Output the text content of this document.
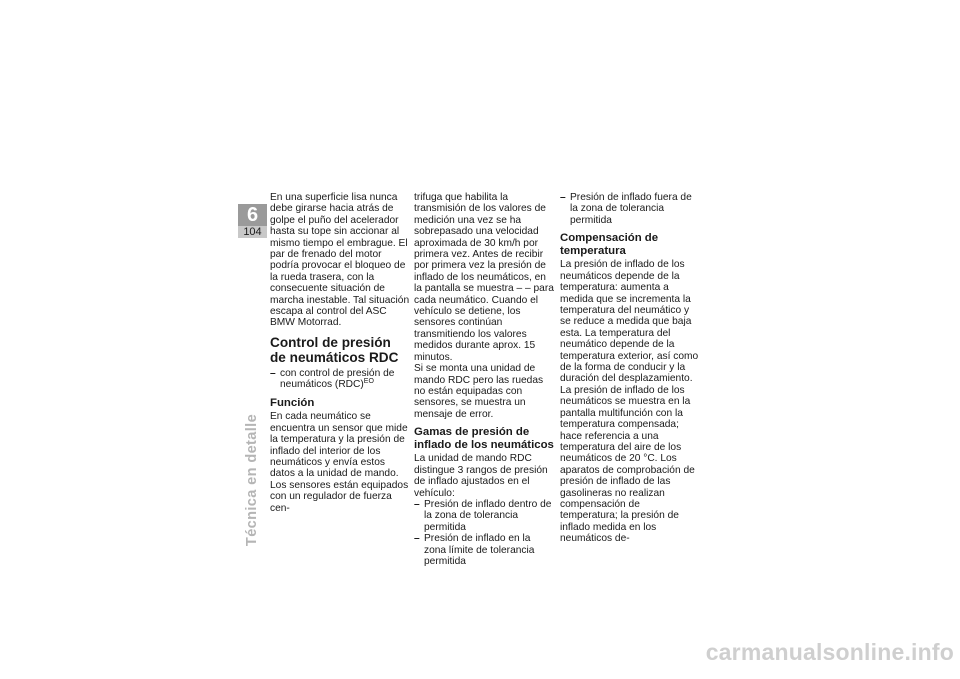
6
104
Técnica en detalle

En una superficie lisa nunca debe girarse hacia atrás de golpe el puño del acelerador hasta su tope sin accionar al mismo tiempo el embrague. El par de frenado del motor podría provocar el bloqueo de la rueda trasera, con la consecuente situación de marcha inestable. Tal situación escapa al control del ASC BMW Motorrad.

Control de presión de neumáticos RDC
– con control de presión de neumáticos (RDC)$^{EO}$
Función

En cada neumático se encuentra un sensor que mide la temperatura y la presión de inflado del interior de los neumáticos y envía estos datos a la unidad de mando.

Los sensores están equipados con un regulador de fuerza cen-

trifuga que habilita la transmisión de los valores de medición una vez se ha sobrepasado una velocidad aproximada de 30 km/h por primera vez. Antes de recibir por primera vez la presión de inflado de los neumáticos, en la pantalla se muestra – – para cada neumático. Cuando el vehículo se detiene, los sensores continúan transmitiendo los valores medidos durante aprox. 15 minutos.

Si se monta una unidad de mando RDC pero las ruedas no están equipadas con sensores, se muestra un mensaje de error.

Gamas de presión de inflado de los neumáticos

La unidad de mando RDC distingue 3 rangos de presión de inflado ajustados en el vehículo:

– Presión de inflado dentro de la zona de tolerancia permitida
– Presión de inflado en la zona límite de tolerancia permitida
– Presión de inflado fuera de la zona de tolerancia permitida
Compensación de temperatura

La presión de inflado de los neumáticos depende de la temperatura: aumenta a medida que se incrementa la temperatura del neumático y se reduce a medida que baja esta. La temperatura del neumático depende de la temperatura exterior, así como de la forma de conducir y la duración del desplazamiento.

La presión de inflado de los neumáticos se muestra en la pantalla multifunción con la temperatura compensada; hace referencia a una temperatura del aire de los neumáticos de 20 °C. Los aparatos de comprobación de presión de inflado de las gasolineras no realizan compensación de temperatura; la presión de inflado medida en los neumáticos de-

carmanualsonline.info
